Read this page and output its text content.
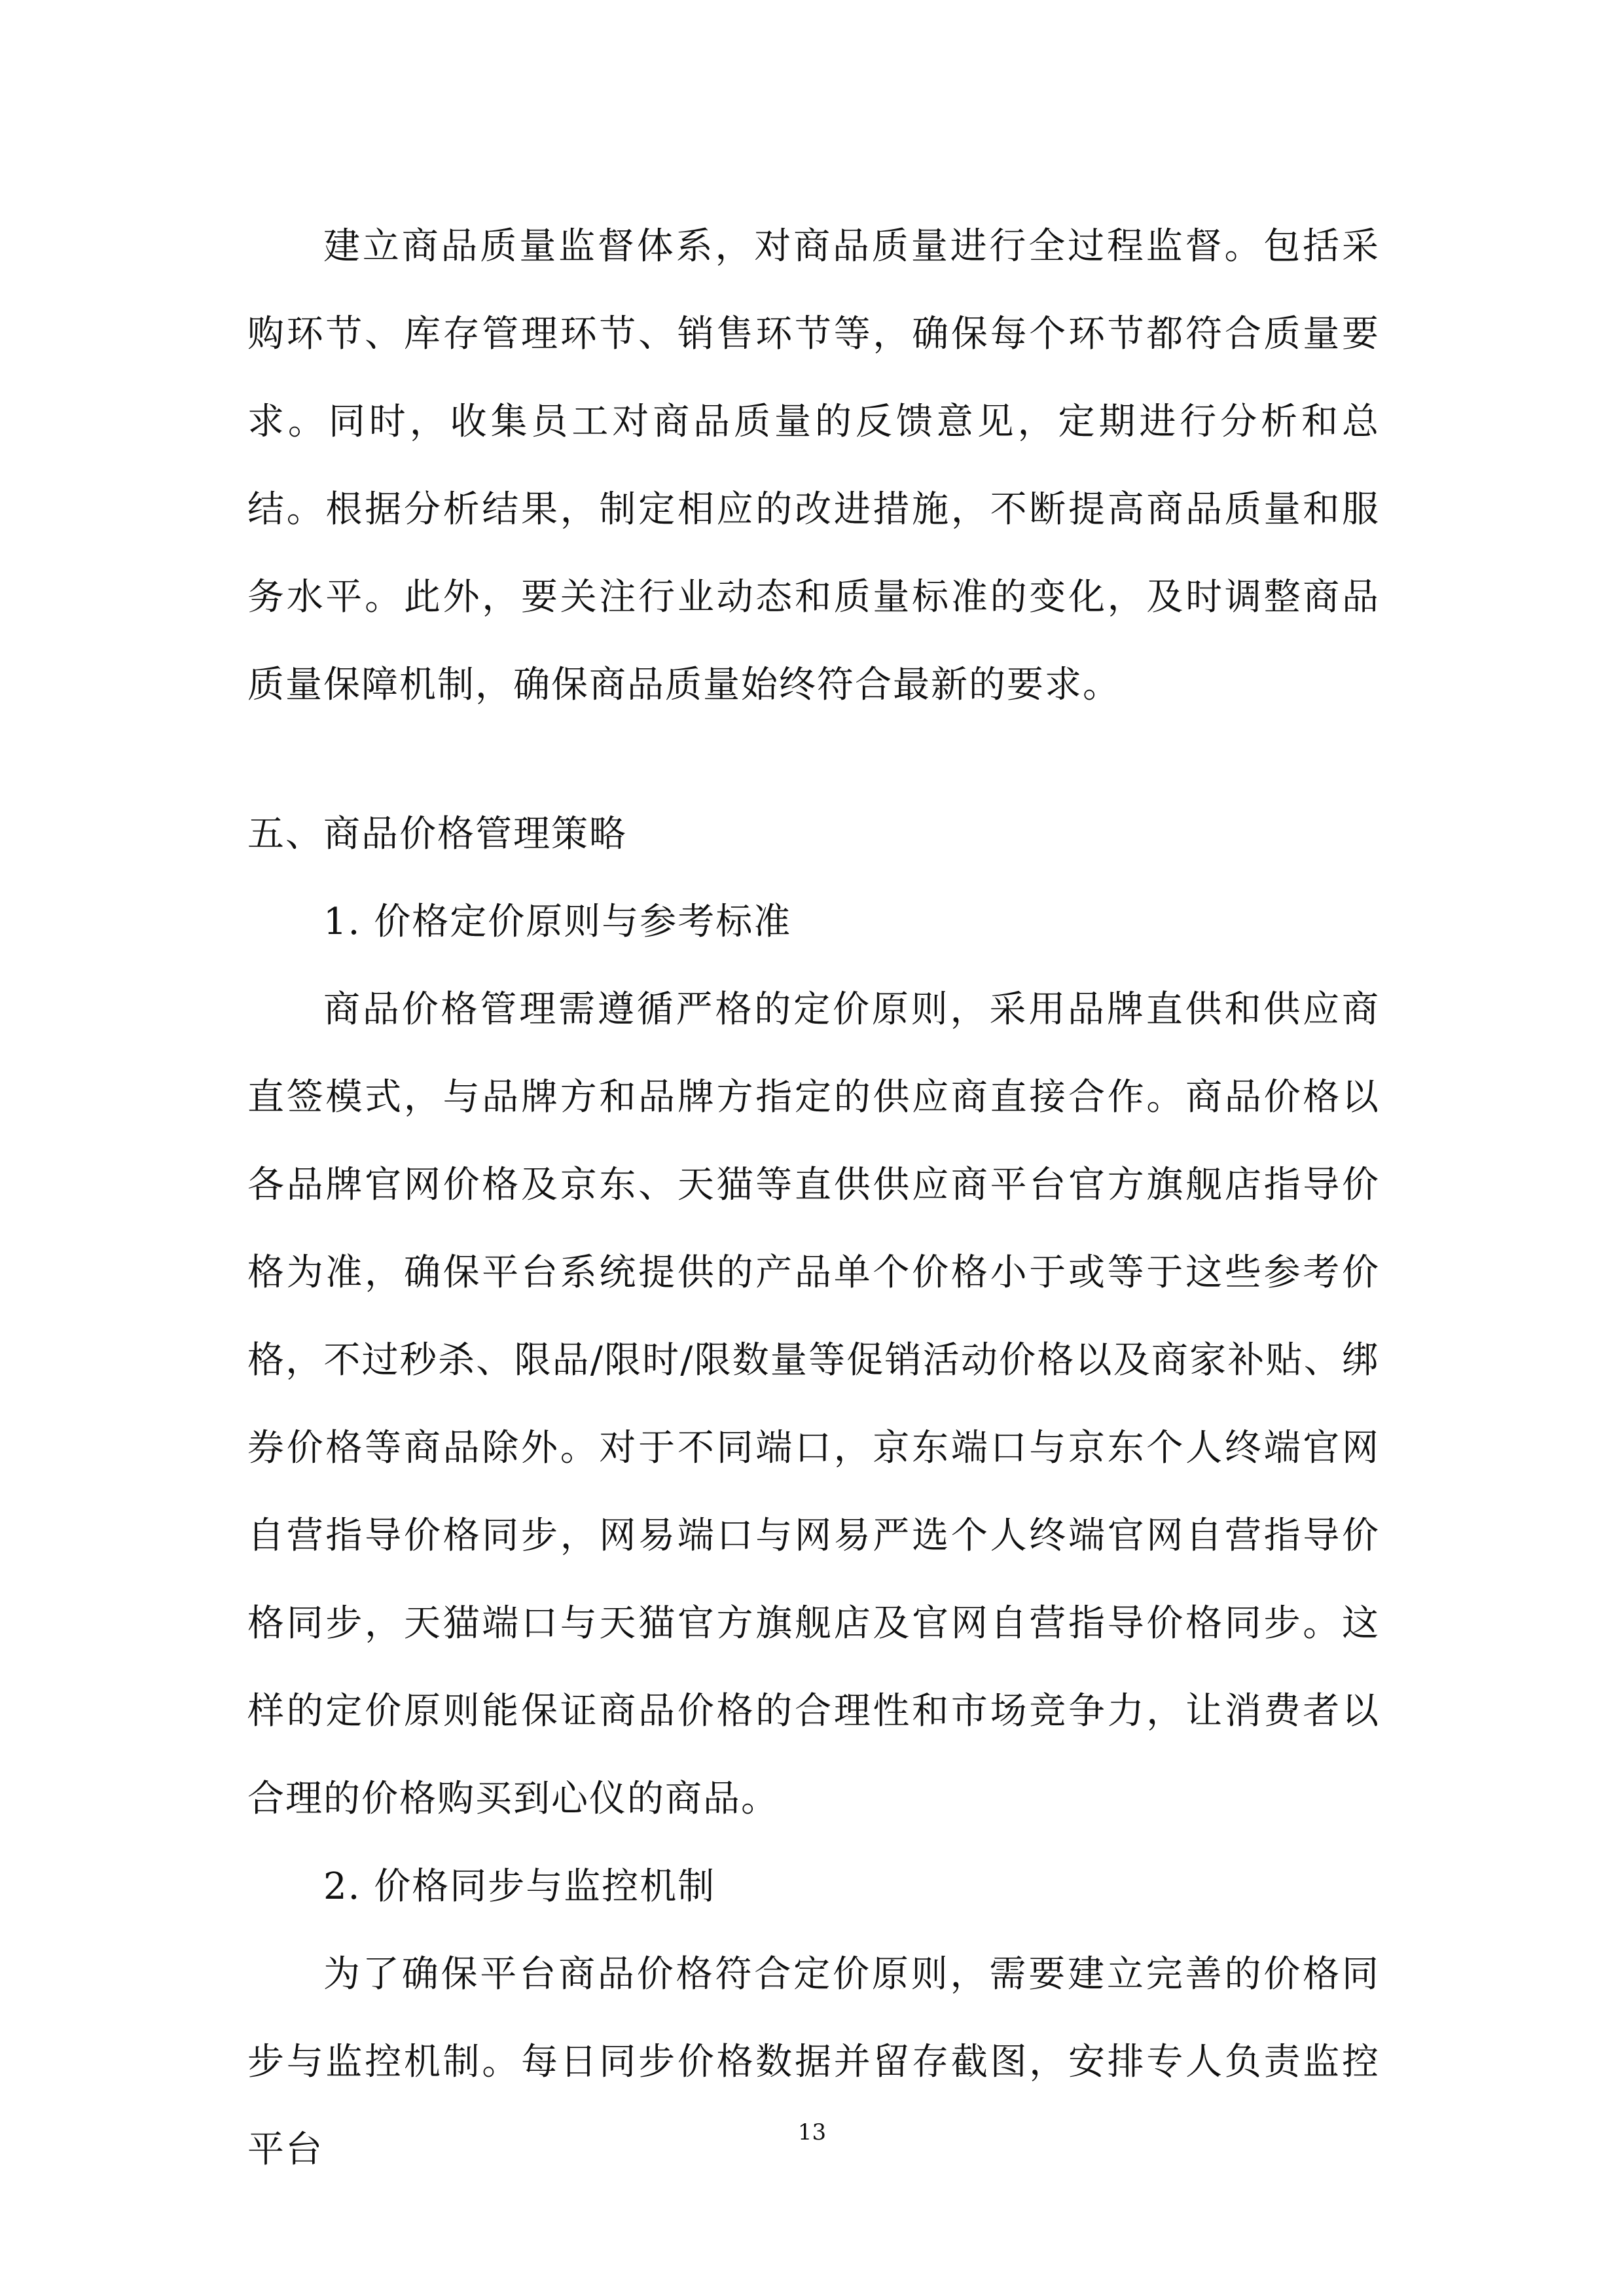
建立商品质量监督体系，对商品质量进行全过程监督。包括采购环节、库存管理环节、销售环节等，确保每个环节都符合质量要求。同时，收集员工对商品质量的反馈意见，定期进行分析和总结。根据分析结果，制定相应的改进措施，不断提高商品质量和服务水平。此外，要关注行业动态和质量标准的变化，及时调整商品质量保障机制，确保商品质量始终符合最新的要求。

五、商品价格管理策略

1. 价格定价原则与参考标准

商品价格管理需遵循严格的定价原则，采用品牌直供和供应商直签模式，与品牌方和品牌方指定的供应商直接合作。商品价格以各品牌官网价格及京东、天猫等直供供应商平台官方旗舰店指导价格为准，确保平台系统提供的产品单个价格小于或等于这些参考价格，不过秒杀、限品/限时/限数量等促销活动价格以及商家补贴、绑券价格等商品除外。对于不同端口，京东端口与京东个人终端官网自营指导价格同步，网易端口与网易严选个人终端官网自营指导价格同步，天猫端口与天猫官方旗舰店及官网自营指导价格同步。这样的定价原则能保证商品价格的合理性和市场竞争力，让消费者以合理的价格购买到心仪的商品。

2. 价格同步与监控机制

为了确保平台商品价格符合定价原则，需要建立完善的价格同步与监控机制。每日同步价格数据并留存截图，安排专人负责监控平台	13
